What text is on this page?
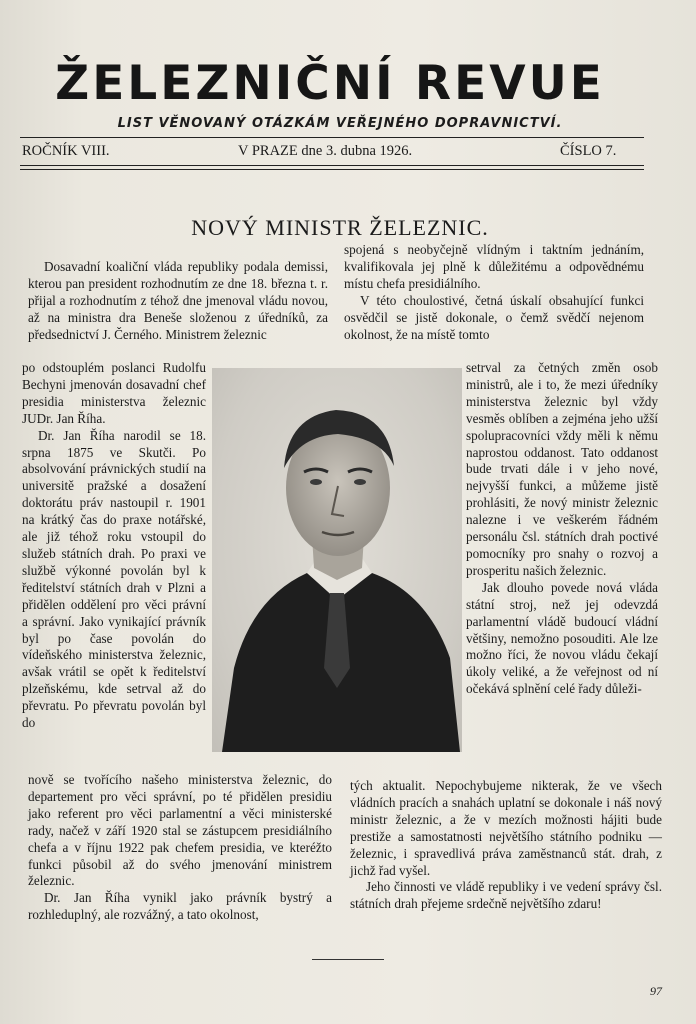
ŽELEZNIČNÍ REVUE
LIST VĚNOVANÝ OTÁZKÁM VEŘEJNÉHO DOPRAVNICTVÍ.
ROČNÍK VIII.	V PRAZE dne 3. dubna 1926.	ČÍSLO 7.
NOVÝ MINISTR ŽELEZNIC.

Dosavadní koaliční vláda republiky podala demissi, kterou pan president rozhodnutím ze dne 18. března t. r. přijal a rozhodnutím z téhož dne jmenoval vládu novou, až na ministra dra Beneše složenou z úředníků, za předsednictví J. Černého. Ministrem železnic

po odstouplém poslanci Rudolfu Bechyni jmenován dosavadní chef presidia ministerstva železnic JUDr. Jan Říha.

Dr. Jan Říha narodil se 18. srpna 1875 ve Skutči. Po absolvování právnických studií na universitě pražské a dosažení doktorátu práv nastoupil r. 1901 na krátký čas do praxe notářské, ale již téhož roku vstoupil do služeb státních drah. Po praxi ve službě výkonné povolán byl k ředitelství státních drah v Plzni a přidělen oddělení pro věci právní a správní. Jako vynikající právník byl po čase povolán do vídeňského ministerstva železnic, avšak vrátil se opět k ředitelství plzeňskému, kde setrval až do převratu. Po převratu povolán byl do

nově se tvořícího našeho ministerstva železnic, do departement pro věci správní, po té přidělen presidiu jako referent pro věci parlamentní a věci ministerské rady, načež v září 1920 stal se zástupcem presidiálního chefa a v říjnu 1922 pak chefem presidia, ve kteréžto funkci působil až do svého jmenování ministrem železnic.

Dr. Jan Říha vynikl jako právník bystrý a rozhleduplný, ale rozvážný, a tato okolnost,

spojená s neobyčejně vlídným i taktním jednáním, kvalifikovala jej plně k důležitému a odpovědnému místu chefa presidiálního.

V této choulostivé, četná úskalí obsahující funkci osvědčil se jistě dokonale, o čemž svědčí nejenom okolnost, že na místě tomto

setrval za četných změn osob ministrů, ale i to, že mezi úředníky ministerstva železnic byl vždy vesměs oblíben a zejména jeho užší spolupracovníci vždy měli k němu naprostou oddanost. Tato oddanost bude trvati dále i v jeho nové, nejvyšší funkci, a můžeme jistě prohlásiti, že nový ministr železnic nalezne i ve veškerém řádném personálu čsl. státních drah poctivé pomocníky pro snahy o rozvoj a prosperitu našich železnic.

Jak dlouho povede nová vláda státní stroj, než jej odevzdá parlamentní vládě budoucí vládní většiny, nemožno posouditi. Ale lze možno říci, že novou vládu čekají úkoly veliké, a že veřejnost od ní očekává splnění celé řady důleži-

tých aktualit. Nepochybujeme nikterak, že ve všech vládních pracích a snahách uplatní se dokonale i náš nový ministr železnic, a že v mezích možnosti hájiti bude prestiže a samostatnosti největšího státního podniku — železnic, i spravedlivá práva zaměstnanců stát. drah, z jichž řad vyšel.

Jeho činnosti ve vládě republiky i ve vedení správy čsl. státních drah přejeme srdečně největšího zdaru!

97
